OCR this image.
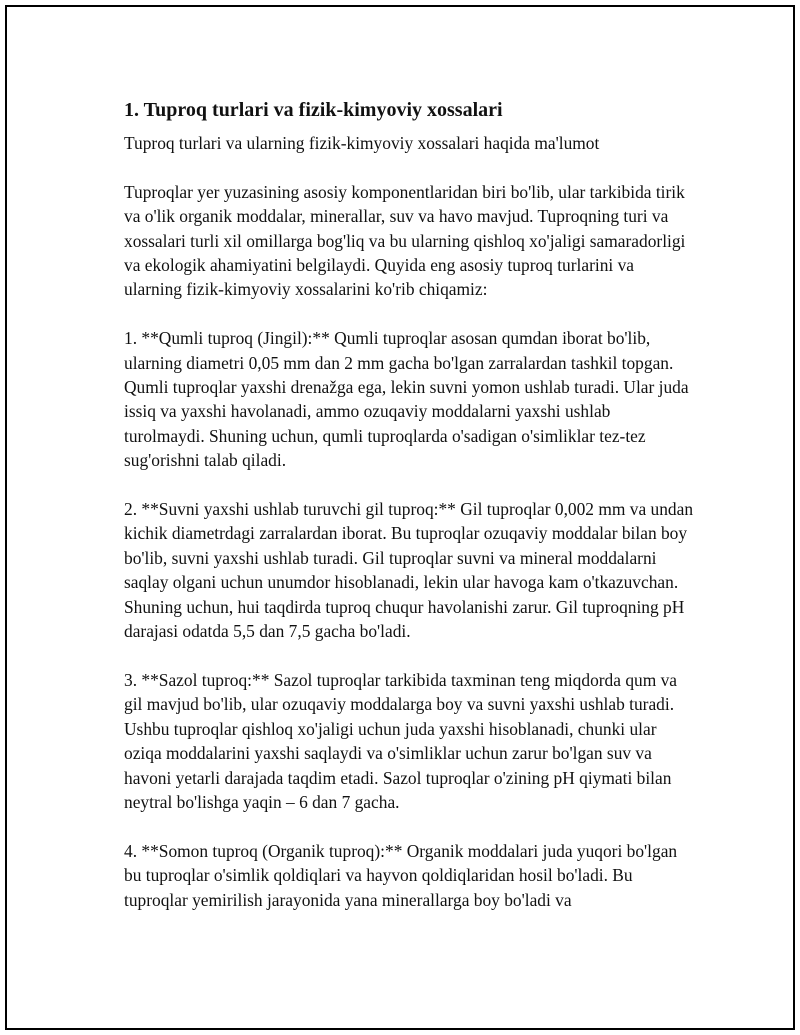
1. Tuproq turlari va fizik-kimyoviy xossalari
Tuproq turlari va ularning fizik-kimyoviy xossalari haqida ma'lumot

Tuproqlar yer yuzasining asosiy komponentlaridan biri bo'lib, ular tarkibida tirik va o'lik organik moddalar, minerallar, suv va havo mavjud. Tuproqning turi va xossalari turli xil omillarga bog'liq va bu ularning qishloq xo'jaligi samaradorligi va ekologik ahamiyatini belgilaydi. Quyida eng asosiy tuproq turlarini va ularning fizik-kimyoviy xossalarini ko'rib chiqamiz:

1. **Qumli tuproq (Jingil):** Qumli tuproqlar asosan qumdan iborat bo'lib, ularning diametri 0,05 mm dan 2 mm gacha bo'lgan zarralardan tashkil topgan. Qumli tuproqlar yaxshi drenažga ega, lekin suvni yomon ushlab turadi. Ular juda issiq va yaxshi havolanadi, ammo ozuqaviy moddalarni yaxshi ushlab turolmaydi. Shuning uchun, qumli tuproqlarda o'sadigan o'simliklar tez-tez sug'orishni talab qiladi.

2. **Suvni yaxshi ushlab turuvchi gil tuproq:** Gil tuproqlar 0,002 mm va undan kichik diametrdagi zarralardan iborat. Bu tuproqlar ozuqaviy moddalar bilan boy bo'lib, suvni yaxshi ushlab turadi. Gil tuproqlar suvni va mineral moddalarni saqlay olgani uchun unumdor hisoblanadi, lekin ular havoga kam o'tkazuvchan. Shuning uchun, hui taqdirda tuproq chuqur havolanishi zarur. Gil tuproqning pH darajasi odatda 5,5 dan 7,5 gacha bo'ladi.

3. **Sazol tuproq:** Sazol tuproqlar tarkibida taxminan teng miqdorda qum va gil mavjud bo'lib, ular ozuqaviy moddalarga boy va suvni yaxshi ushlab turadi. Ushbu tuproqlar qishloq xo'jaligi uchun juda yaxshi hisoblanadi, chunki ular oziqa moddalarini yaxshi saqlaydi va o'simliklar uchun zarur bo'lgan suv va havoni yetarli darajada taqdim etadi. Sazol tuproqlar o'zining pH qiymati bilan neytral bo'lishga yaqin – 6 dan 7 gacha.

4. **Somon tuproq (Organik tuproq):** Organik moddalari juda yuqori bo'lgan bu tuproqlar o'simlik qoldiqlari va hayvon qoldiqlaridan hosil bo'ladi. Bu tuproqlar yemirilish jarayonida yana minerallarga boy bo'ladi va
